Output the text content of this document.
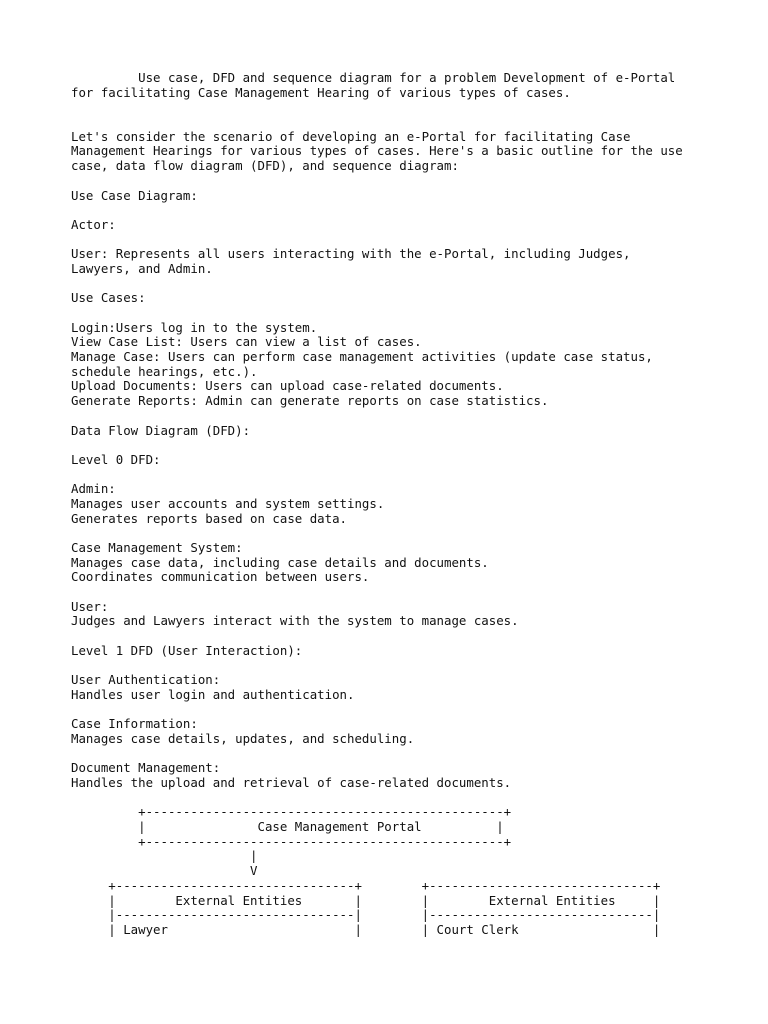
Use case, DFD and sequence diagram for a problem Development of e-Portal

for facilitating Case Management Hearing of various types of cases.

Let's consider the scenario of developing an e-Portal for facilitating Case

Management Hearings for various types of cases. Here's a basic outline for the use

case, data flow diagram (DFD), and sequence diagram:

Use Case Diagram:

Actor:

User: Represents all users interacting with the e-Portal, including Judges,

Lawyers, and Admin.

Use Cases:

Login:Users log in to the system.

View Case List: Users can view a list of cases.

Manage Case: Users can perform case management activities (update case status,

schedule hearings, etc.).

Upload Documents: Users can upload case-related documents.

Generate Reports: Admin can generate reports on case statistics.

Data Flow Diagram (DFD):

Level 0 DFD:

Admin:

Manages user accounts and system settings.

Generates reports based on case data.

Case Management System:

Manages case data, including case details and documents.

Coordinates communication between users.

User:

Judges and Lawyers interact with the system to manage cases.

Level 1 DFD (User Interaction):

User Authentication:

Handles user login and authentication.

Case Information:

Manages case details, updates, and scheduling.

Document Management:

Handles the upload and retrieval of case-related documents.

+------------------------------------------------+

|               Case Management Portal          |

+------------------------------------------------+

|

V

+--------------------------------+        +------------------------------+

|        External Entities       |        |        External Entities     |

|--------------------------------|        |------------------------------|

| Lawyer                         |        | Court Clerk                  |
